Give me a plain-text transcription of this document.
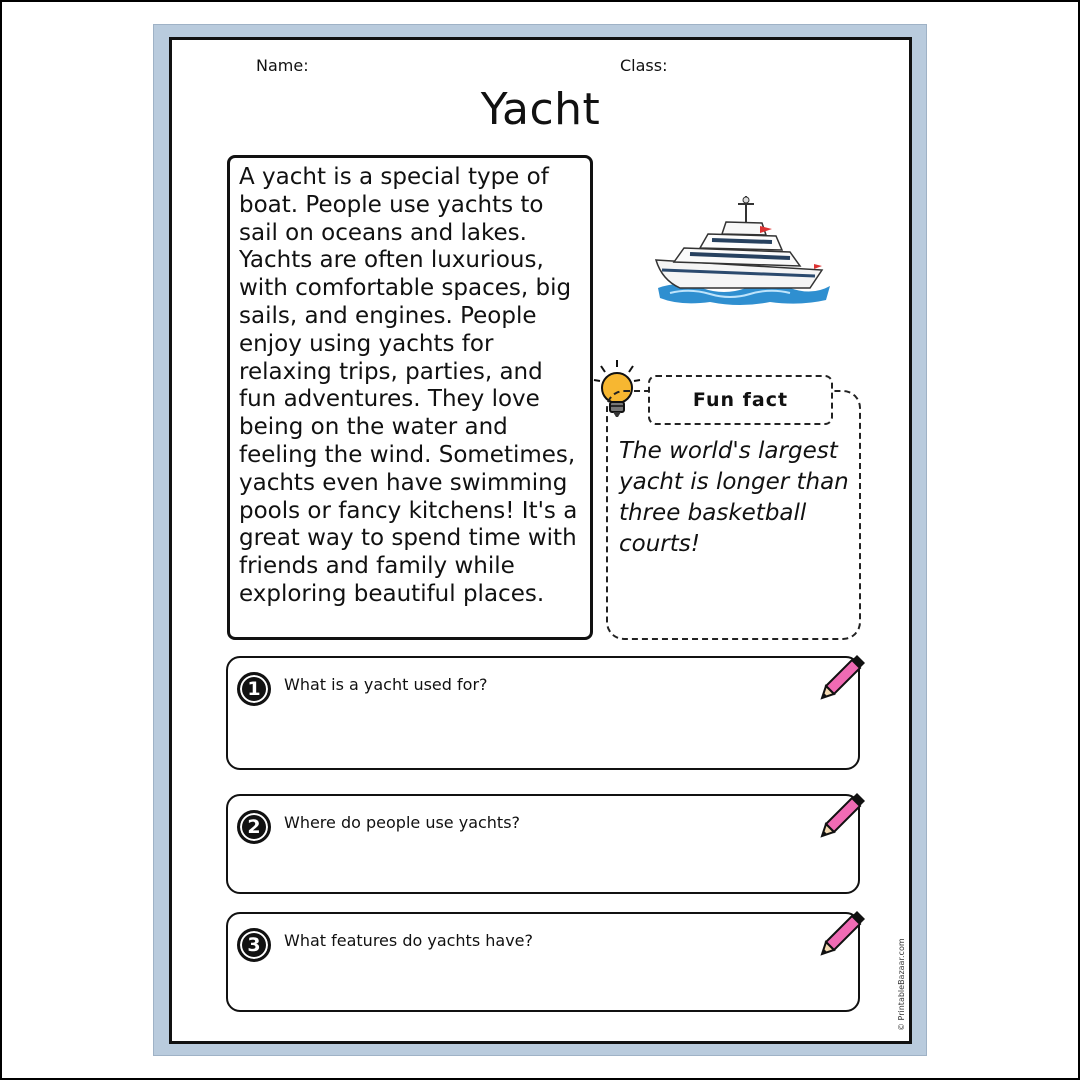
Name:	Class:
Yacht

A yacht is a special type of boat. People use yachts to sail on oceans and lakes. Yachts are often luxurious, with comfortable spaces, big sails, and engines. People enjoy using yachts for relaxing trips, parties, and fun adventures. They love being on the water and feeling the wind. Sometimes, yachts even have swimming pools or fancy kitchens! It's a great way to spend time with friends and family while exploring beautiful places.

Fun fact
The world's largest yacht is longer than three basketball courts!
1	What is a yacht used for?
2	Where do people use yachts?
3	What features do yachts have?	© PrintableBazaar.com
